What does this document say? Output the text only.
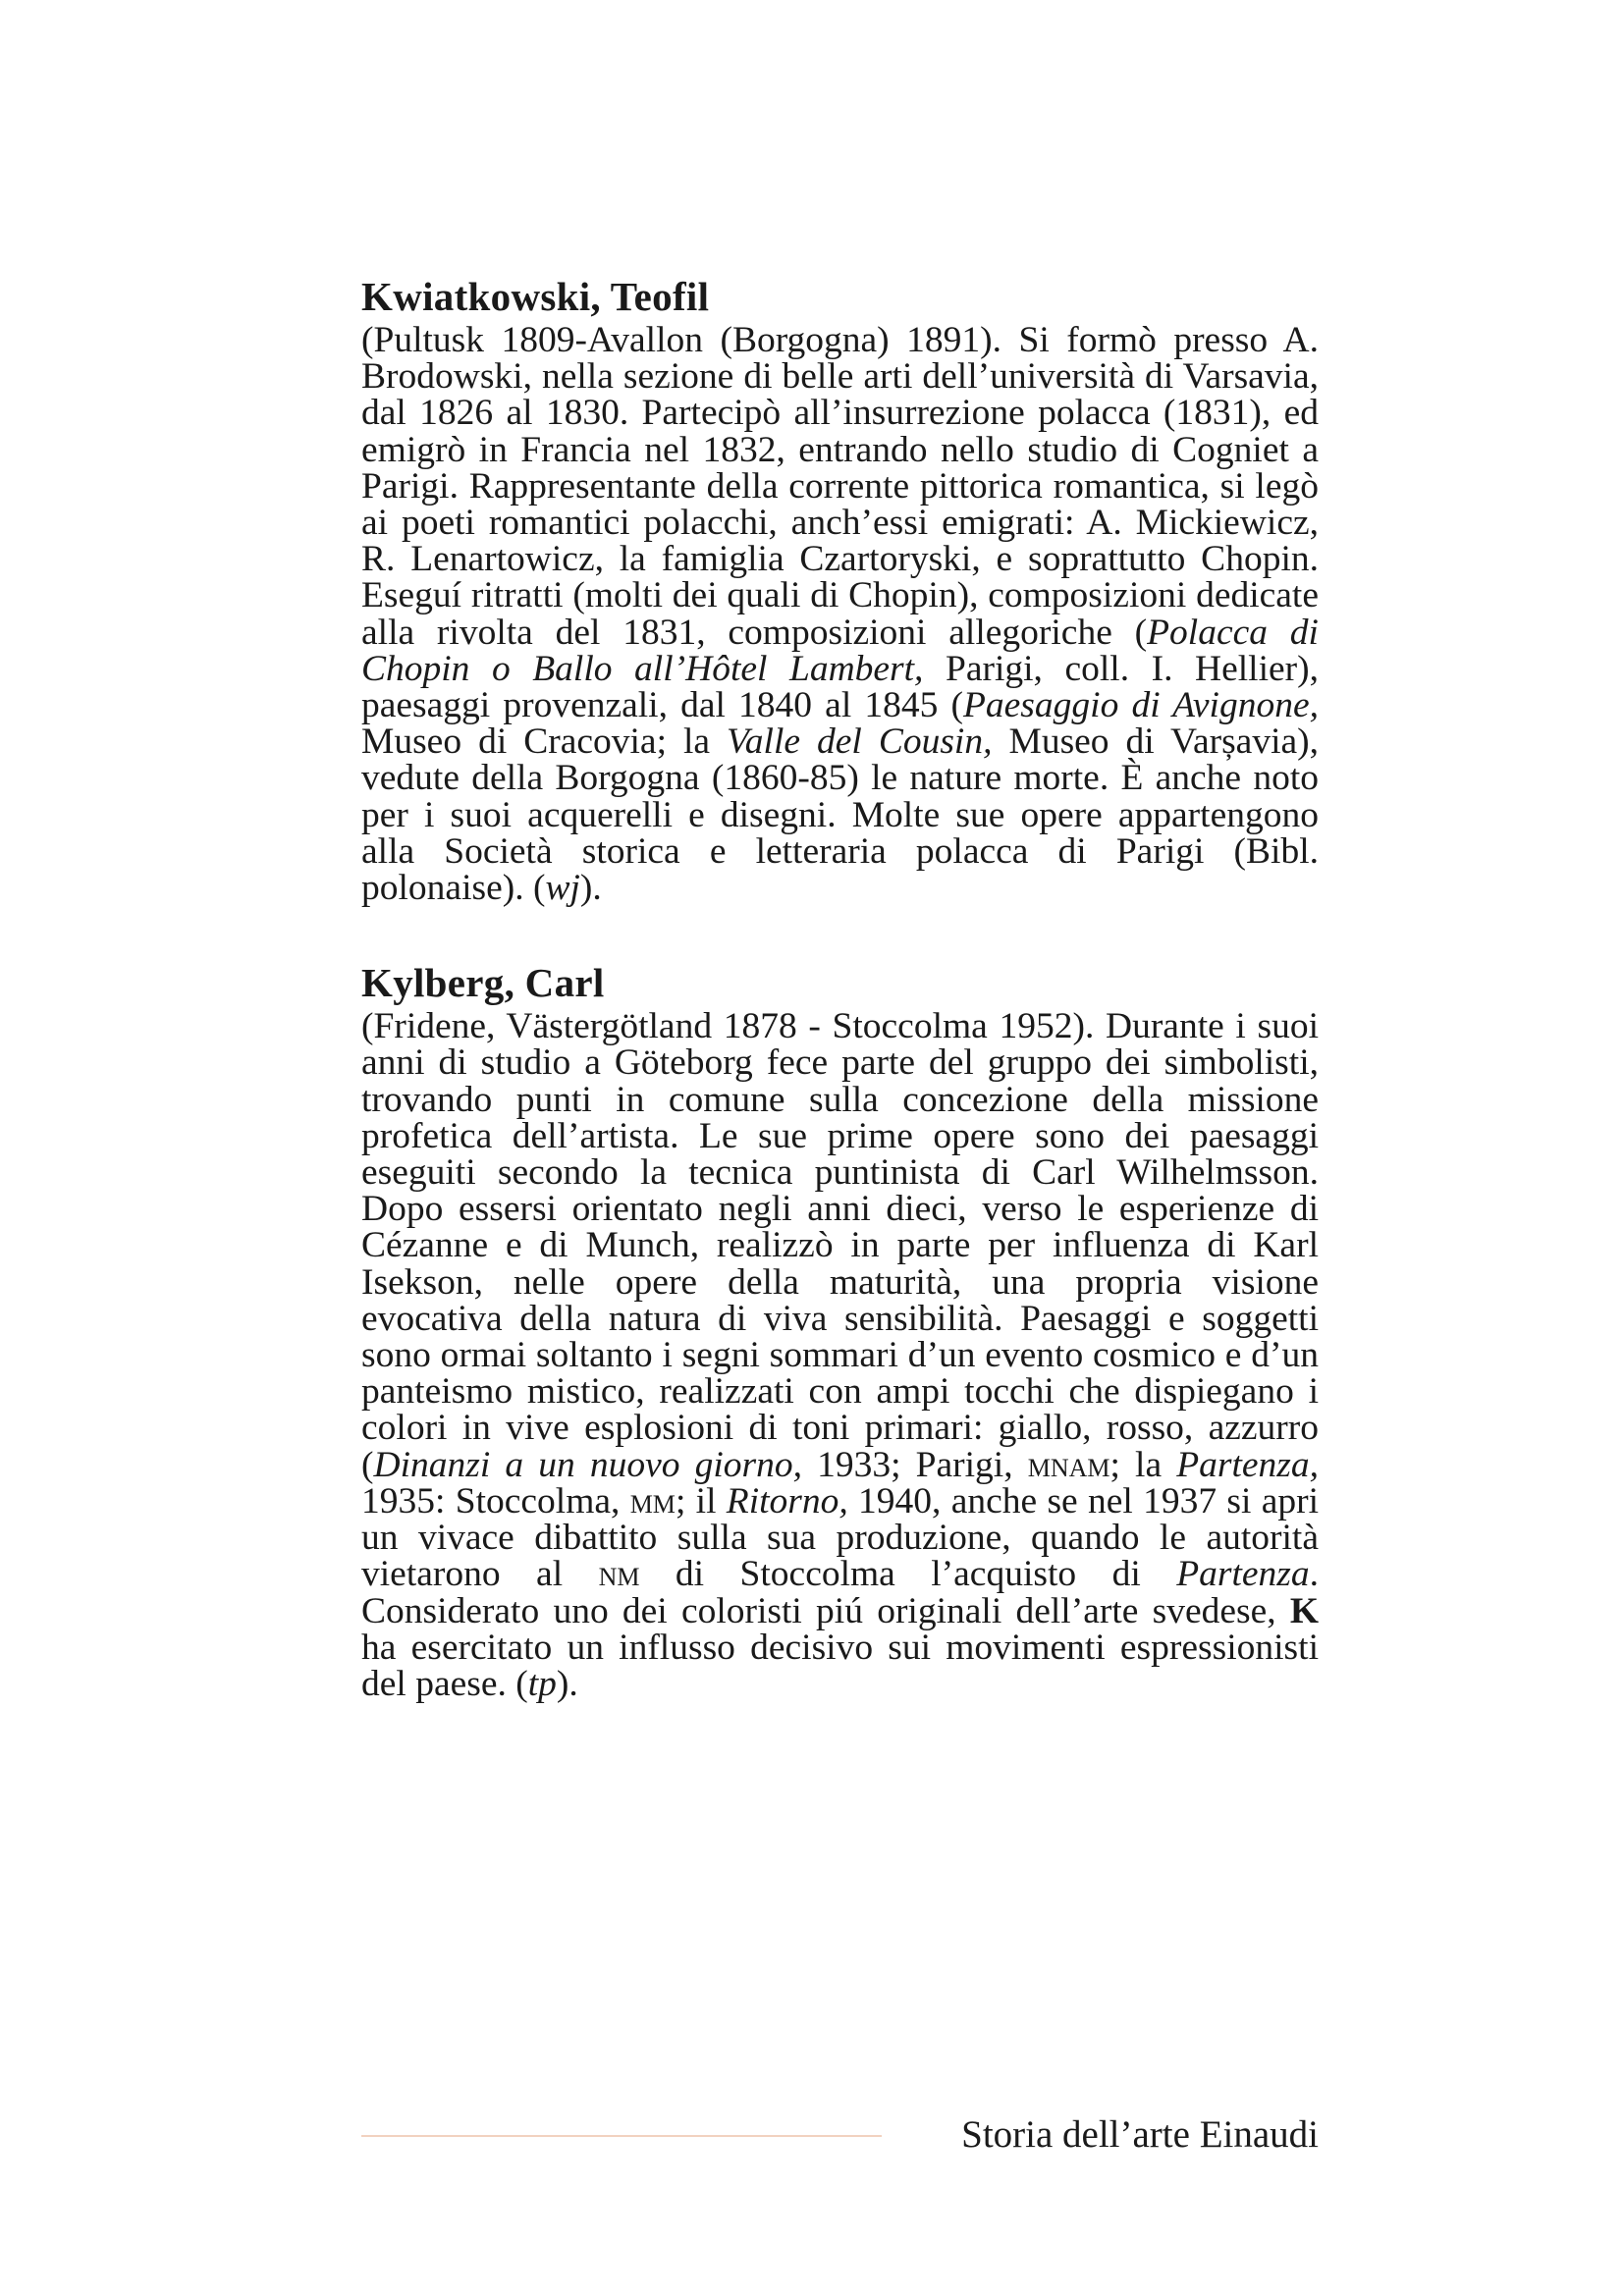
Kwiatkowski, Teofil

(Pultusk 1809-Avallon (Borgogna) 1891). Si formò presso A. Brodowski, nella sezione di belle arti dell’università di Varsavia, dal 1826 al 1830. Partecipò all’insurrezione polacca (1831), ed emigrò in Francia nel 1832, entrando nello studio di Cogniet a Parigi. Rappresentante della corrente pittorica romantica, si legò ai poeti romantici polacchi, anch’essi emigrati: A. Mickiewicz, R. Lenartowicz, la famiglia Czartoryski, e soprattutto Chopin. Eseguí ritratti (molti dei quali di Chopin), composizioni dedicate alla rivolta del 1831, composizioni allegoriche (Polacca di Chopin o Ballo all’Hôtel Lambert, Parigi, coll. I. Hellier), paesaggi provenzali, dal 1840 al 1845 (Paesaggio di Avignone, Museo di Cracovia; la Valle del Cousin, Museo di Varșavia), vedute della Borgogna (1860-85) le nature morte. È anche noto per i suoi acquerelli e disegni. Molte sue opere appartengono alla Società storica e letteraria polacca di Parigi (Bibl. polonaise). (wj).

Kylberg, Carl

(Fridene, Västergötland 1878 - Stoccolma 1952). Durante i suoi anni di studio a Göteborg fece parte del gruppo dei simbolisti, trovando punti in comune sulla concezione della missione profetica dell’artista. Le sue prime opere sono dei paesaggi eseguiti secondo la tecnica puntinista di Carl Wilhelmsson. Dopo essersi orientato negli anni dieci, verso le esperienze di Cézanne e di Munch, realizzò in parte per influenza di Karl Isekson, nelle opere della maturità, una propria visione evocativa della natura di viva sensibilità. Paesaggi e soggetti sono ormai soltanto i segni sommari d’un evento cosmico e d’un panteismo mistico, realizzati con ampi tocchi che dispiegano i colori in vive esplosioni di toni primari: giallo, rosso, azzurro (Dinanzi a un nuovo giorno, 1933; Parigi, mnam; la Partenza, 1935: Stoccolma, mm; il Ritorno, 1940, anche se nel 1937 si apri un vivace dibattito sulla sua produzione, quando le autorità vietarono al nm di Stoccolma l’acquisto di Partenza. Considerato uno dei coloristi piú originali dell’arte svedese, K ha esercitato un influsso decisivo sui movimenti espressionisti del paese. (tp).

Storia dell’arte Einaudi
